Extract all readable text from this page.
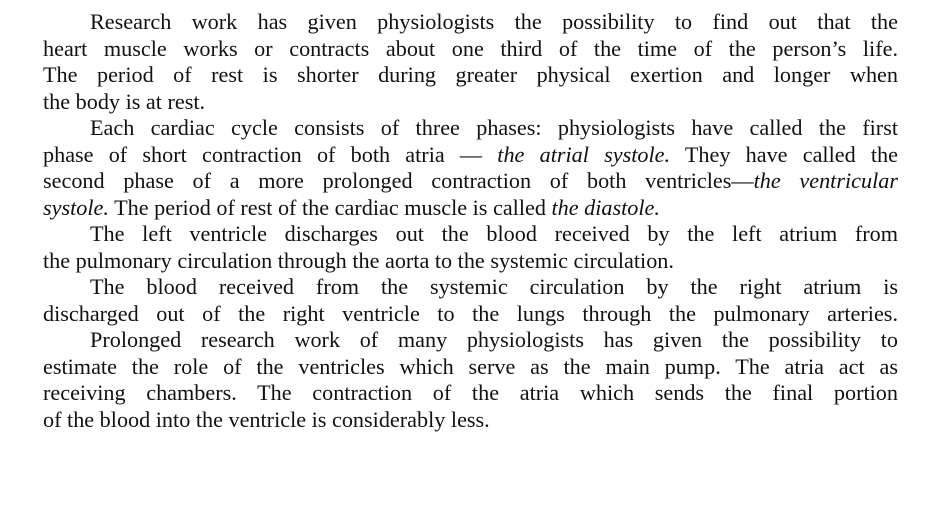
Research work has given physiologists the possibility to find out that the
heart muscle works or contracts about one third of the time of the person’s life.
The period of rest is shorter during greater physical exertion and longer when
the body is at rest.
Each cardiac cycle consists of three phases: physiologists have called the first
phase of short contraction of both atria — the atrial systole. They have called the
second phase of a more prolonged contraction of both ventricles—the ventricular
systole. The period of rest of the cardiac muscle is called the diastole.
The left ventricle discharges out the blood received by the left atrium from
the pulmonary circulation through the aorta to the systemic circulation.
The blood received from the systemic circulation by the right atrium is
discharged out of the right ventricle to the lungs through the pulmonary arteries.
Prolonged research work of many physiologists has given the possibility to
estimate the role of the ventricles which serve as the main pump. The atria act as
receiving chambers. The contraction of the atria which sends the final portion
of the blood into the ventricle is considerably less.
